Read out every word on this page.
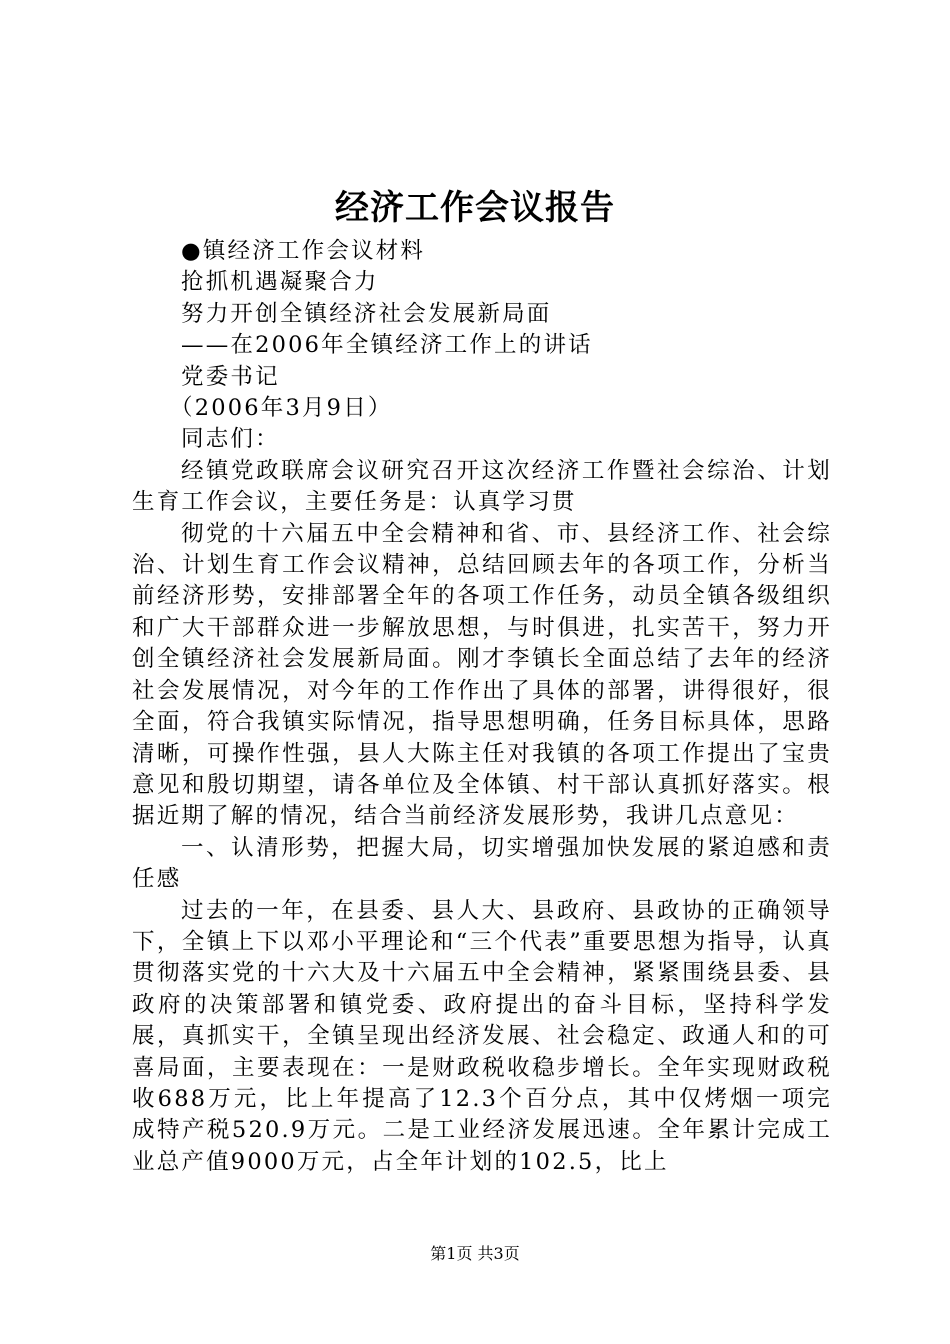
经济工作会议报告

●镇经济工作会议材料

抢抓机遇凝聚合力

努力开创全镇经济社会发展新局面

——在2006年全镇经济工作上的讲话

党委书记

（2006年3月9日）

同志们：

经镇党政联席会议研究召开这次经济工作暨社会综治、计划生育工作会议，主要任务是：认真学习贯

彻党的十六届五中全会精神和省、市、县经济工作、社会综治、计划生育工作会议精神，总结回顾去年的各项工作，分析当前经济形势，安排部署全年的各项工作任务，动员全镇各级组织和广大干部群众进一步解放思想，与时俱进，扎实苦干，努力开创全镇经济社会发展新局面。刚才李镇长全面总结了去年的经济社会发展情况，对今年的工作作出了具体的部署，讲得很好，很全面，符合我镇实际情况，指导思想明确，任务目标具体，思路清晰，可操作性强，县人大陈主任对我镇的各项工作提出了宝贵意见和殷切期望，请各单位及全体镇、村干部认真抓好落实。根据近期了解的情况，结合当前经济发展形势，我讲几点意见：

一、认清形势，把握大局，切实增强加快发展的紧迫感和责任感

过去的一年，在县委、县人大、县政府、县政协的正确领导下，全镇上下以邓小平理论和“三个代表”重要思想为指导，认真贯彻落实党的十六大及十六届五中全会精神，紧紧围绕县委、县政府的决策部署和镇党委、政府提出的奋斗目标，坚持科学发展，真抓实干，全镇呈现出经济发展、社会稳定、政通人和的可喜局面，主要表现在：一是财政税收稳步增长。全年实现财政税收688万元，比上年提高了12.3个百分点，其中仅烤烟一项完成特产税520.9万元。二是工业经济发展迅速。全年累计完成工业总产值9000万元，占全年计划的102.5，比上

第1页 共3页
